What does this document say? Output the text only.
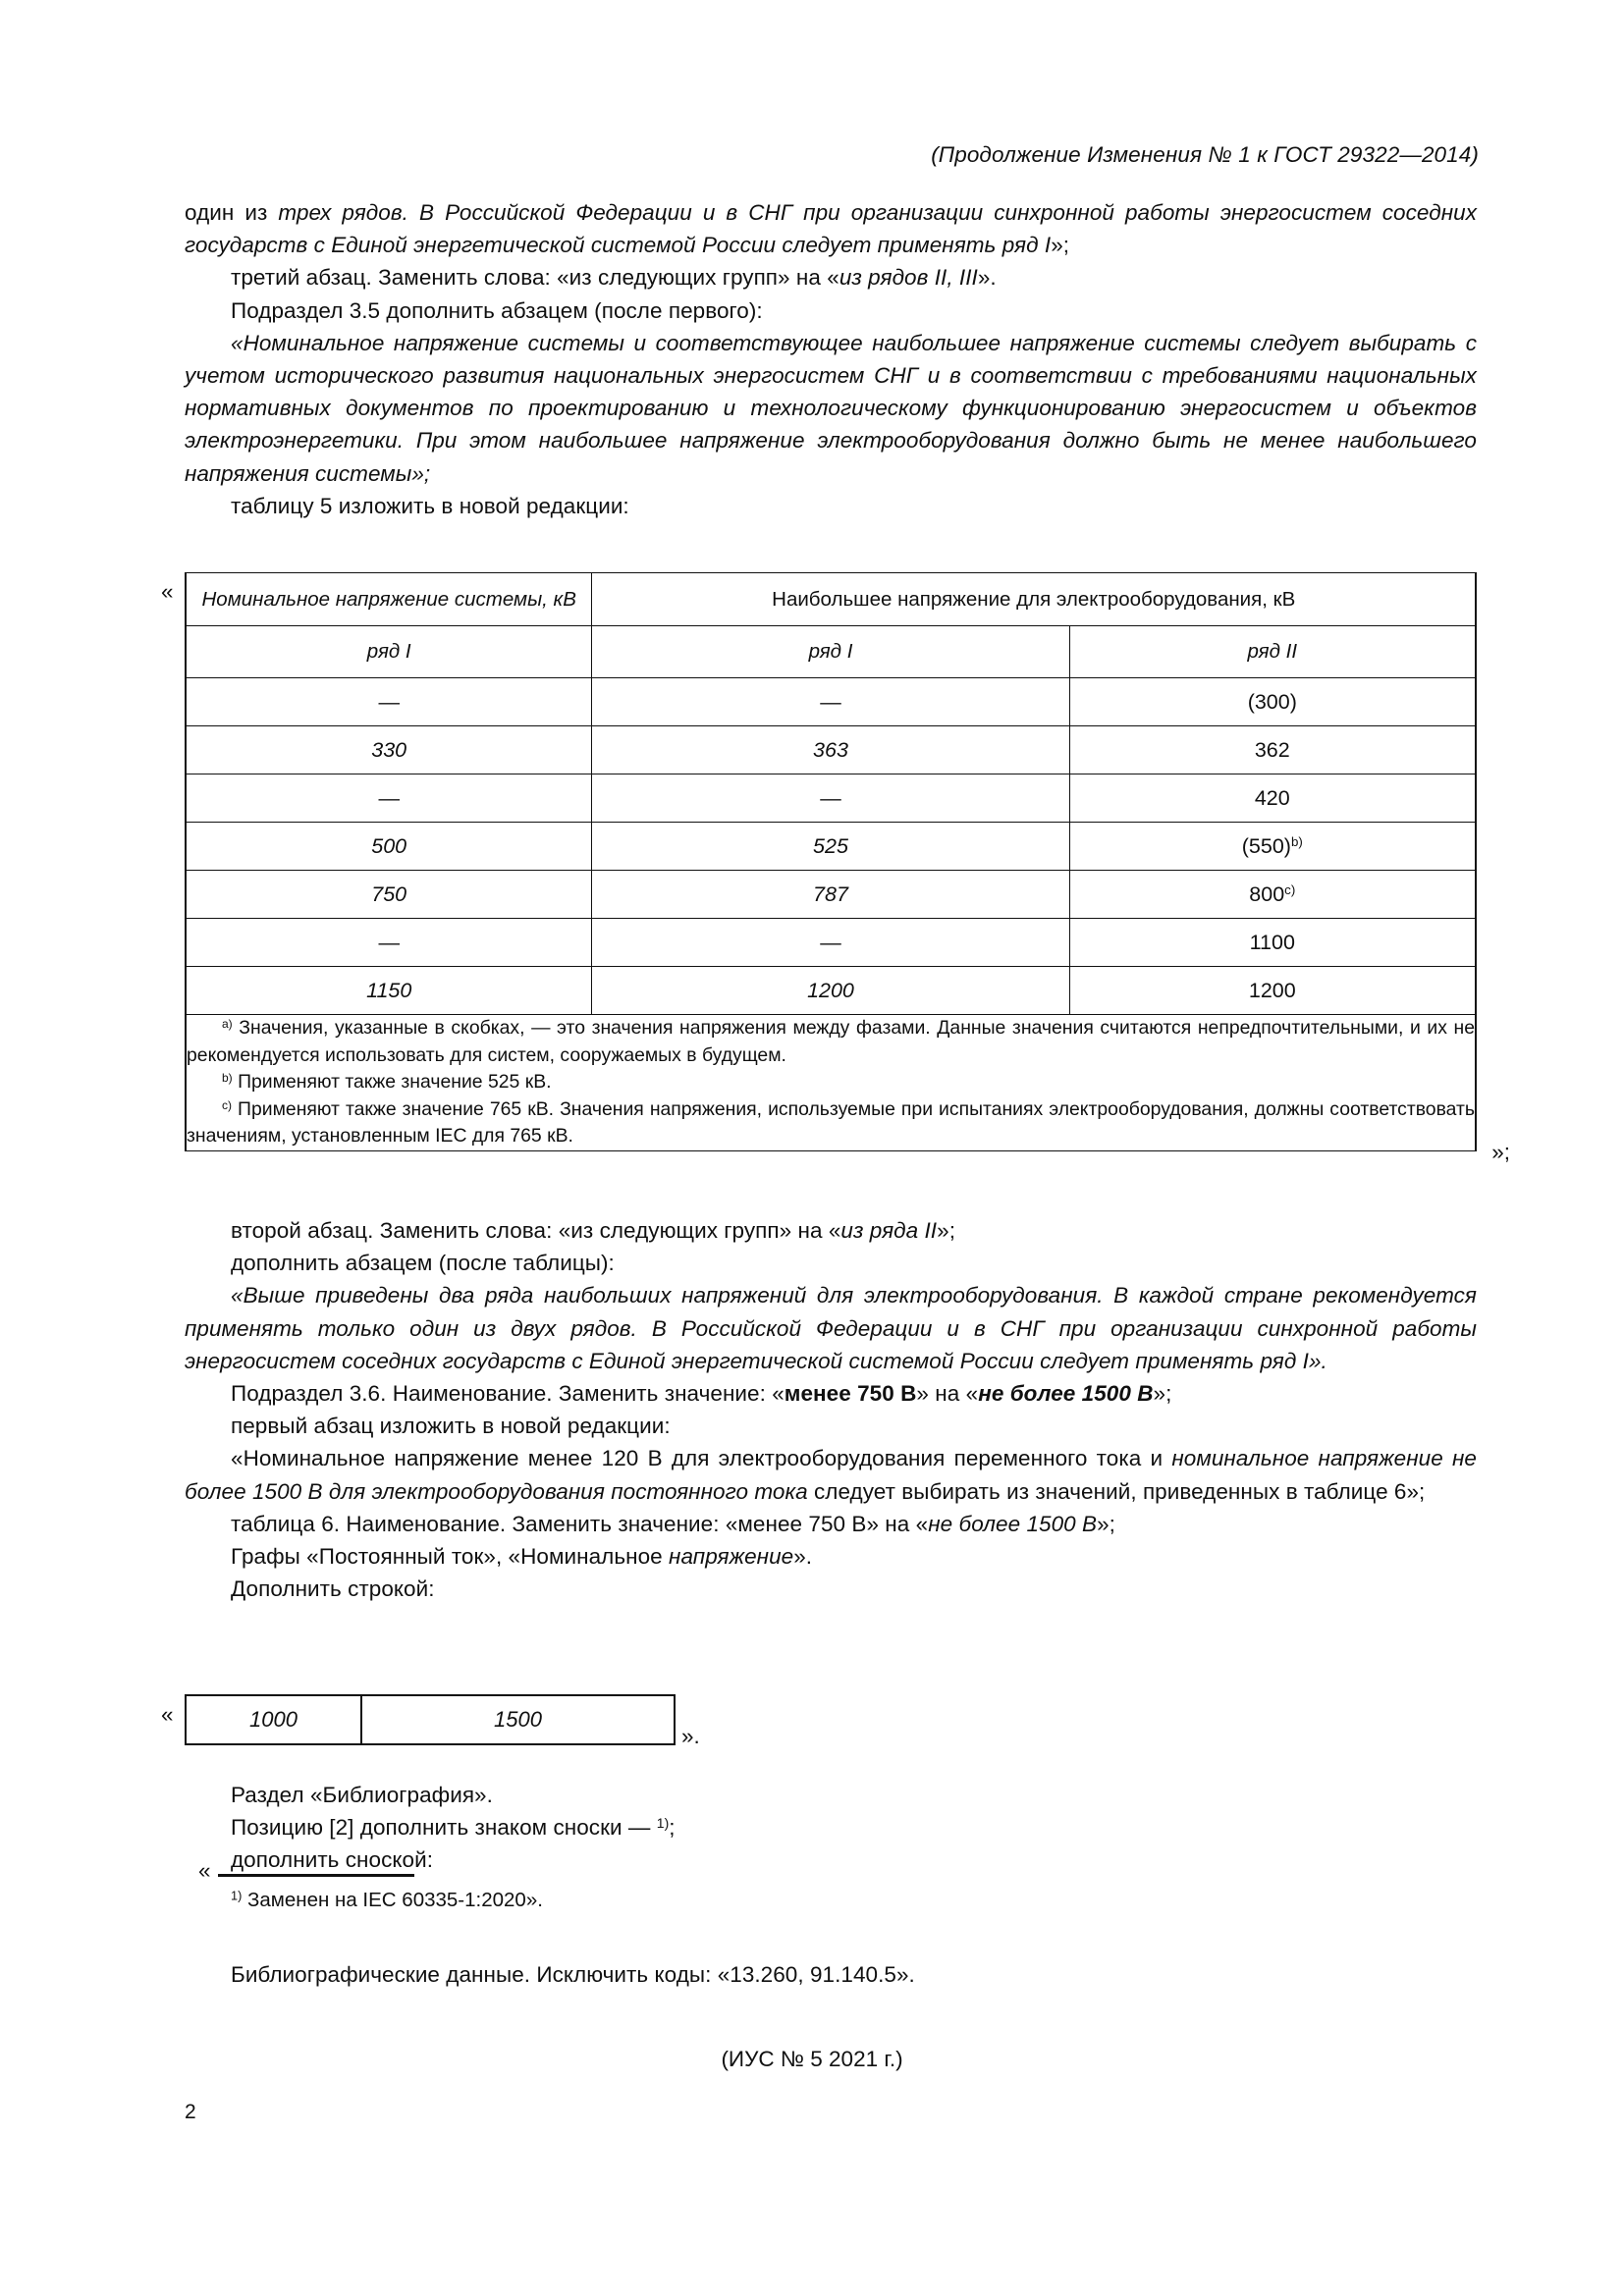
(Продолжение Изменения № 1 к ГОСТ 29322—2014)

один из трех рядов. В Российской Федерации и в СНГ при организации синхронной работы энергосистем соседних государств с Единой энергетической системой России следует применять ряд I»;

третий абзац. Заменить слова: «из следующих групп» на «из рядов II, III».

Подраздел 3.5 дополнить абзацем (после первого):

«Номинальное напряжение системы и соответствующее наибольшее напряжение системы следует выбирать с учетом исторического развития национальных энергосистем СНГ и в соответствии с требованиями национальных нормативных документов по проектированию и технологическому функционированию энергосистем и объектов электроэнергетики. При этом наибольшее напряжение электрооборудования должно быть не менее наибольшего напряжения системы»;

таблицу 5 изложить в новой редакции:

«
»;
Номинальное напряжение системы, кВ	Наибольшее напряжение для электрооборудования, кВ	
ряд I	ряд I	ряд II
—	—	(300)
330	363	362
—	—	420
500	525	$(550)^{b)}$
750	787	800$^{c)}$
—	—	1100
1150	1200	1200

$^{a)}$ Значения, указанные в скобках, — это значения напряжения между фазами. Данные значения считаются непредпочтительными, и их не рекомендуется использовать для систем, сооружаемых в будущем.

$^{b)}$ Применяют также значение 525 кВ.

$^{c)}$ Применяют также значение 765 кВ. Значения напряжения, используемые при испытаниях электрооборудования, должны соответствовать значениям, установленным IEC для 765 кВ.		

второй абзац. Заменить слова: «из следующих групп» на «из ряда II»;

дополнить абзацем (после таблицы):

«Выше приведены два ряда наибольших напряжений для электрооборудования. В каждой стране рекомендуется применять только один из двух рядов. В Российской Федерации и в СНГ при организации синхронной работы энергосистем соседних государств с Единой энергетической системой России следует применять ряд I».

Подраздел 3.6. Наименование. Заменить значение: «менее 750 В» на «не более 1500 В»;

первый абзац изложить в новой редакции:

«Номинальное напряжение менее 120 В для электрооборудования переменного тока и номинальное напряжение не более 1500 В для электрооборудования постоянного тока следует выбирать из значений, приведенных в таблице 6»;

таблица 6. Наименование. Заменить значение: «менее 750 В» на «не более 1500 В»;

Графы «Постоянный ток», «Номинальное напряжение».

Дополнить строкой:

«	1000	1500
».

Раздел «Библиография».

Позицию [2] дополнить знаком сноски — $^{1)}$;

дополнить сноской:

«
$^{1)}$ Заменен на IEC 60335-1:2020».

Библиографические данные. Исключить коды: «13.260, 91.140.5».

(ИУС № 5 2021 г.)
2
